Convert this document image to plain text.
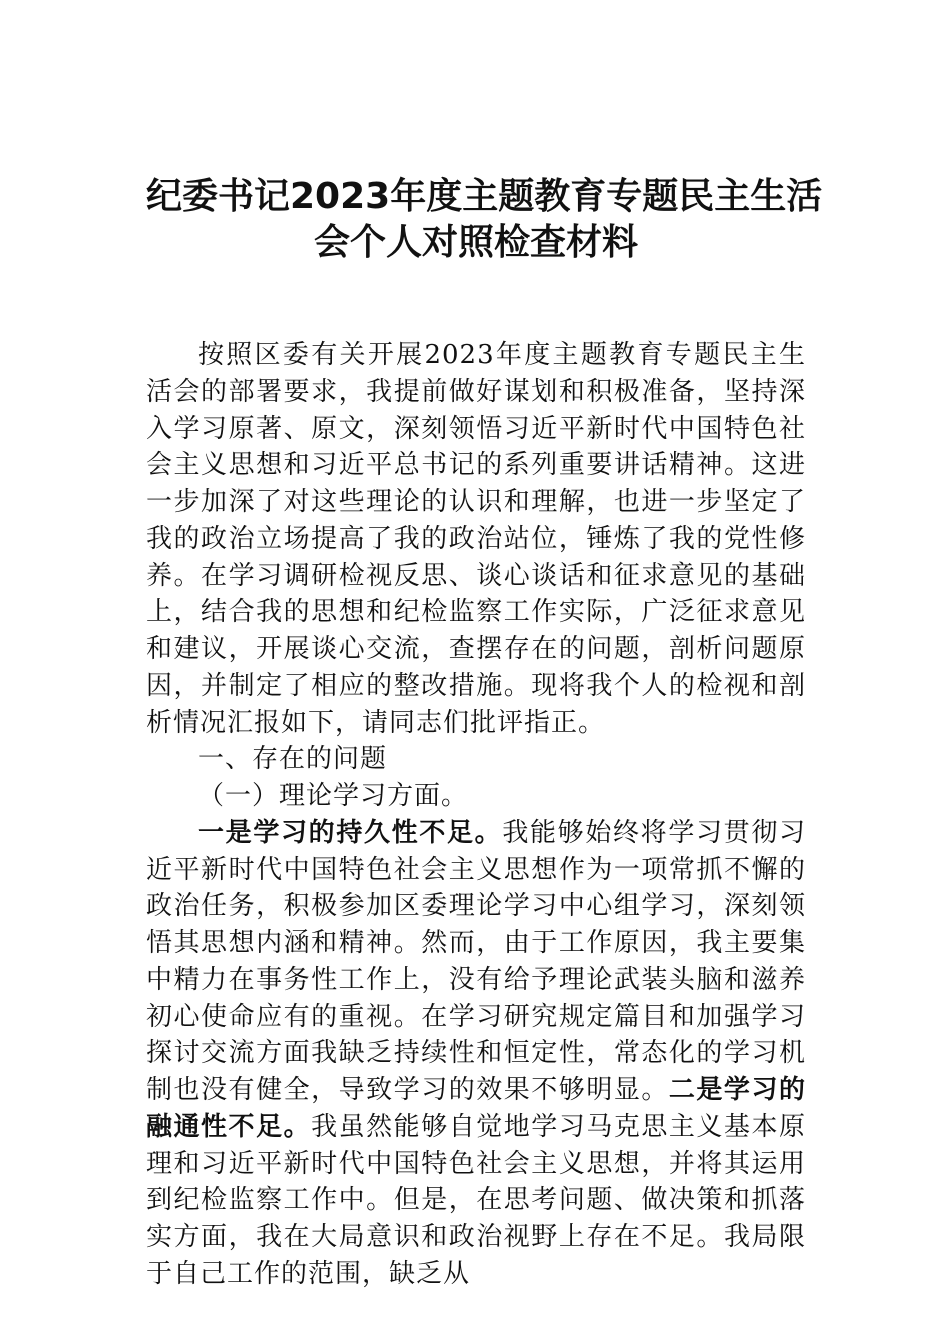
纪委书记2023年度主题教育专题民主生活
会个人对照检查材料

按照区委有关开展2023年度主题教育专题民主生活会的部署要求，我提前做好谋划和积极准备，坚持深入学习原著、原文，深刻领悟习近平新时代中国特色社会主义思想和习近平总书记的系列重要讲话精神。这进一步加深了对这些理论的认识和理解，也进一步坚定了我的政治立场提高了我的政治站位，锤炼了我的党性修养。在学习调研检视反思、谈心谈话和征求意见的基础上，结合我的思想和纪检监察工作实际，广泛征求意见和建议，开展谈心交流，查摆存在的问题，剖析问题原因，并制定了相应的整改措施。现将我个人的检视和剖析情况汇报如下，请同志们批评指正。

一、存在的问题

（一）理论学习方面。

一是学习的持久性不足。我能够始终将学习贯彻习近平新时代中国特色社会主义思想作为一项常抓不懈的政治任务，积极参加区委理论学习中心组学习，深刻领悟其思想内涵和精神。然而，由于工作原因，我主要集中精力在事务性工作上，没有给予理论武装头脑和滋养初心使命应有的重视。在学习研究规定篇目和加强学习探讨交流方面我缺乏持续性和恒定性，常态化的学习机制也没有健全，导致学习的效果不够明显。二是学习的融通性不足。我虽然能够自觉地学习马克思主义基本原理和习近平新时代中国特色社会主义思想，并将其运用到纪检监察工作中。但是，在思考问题、做决策和抓落实方面，我在大局意识和政治视野上存在不足。我局限于自己工作的范围，缺乏从
